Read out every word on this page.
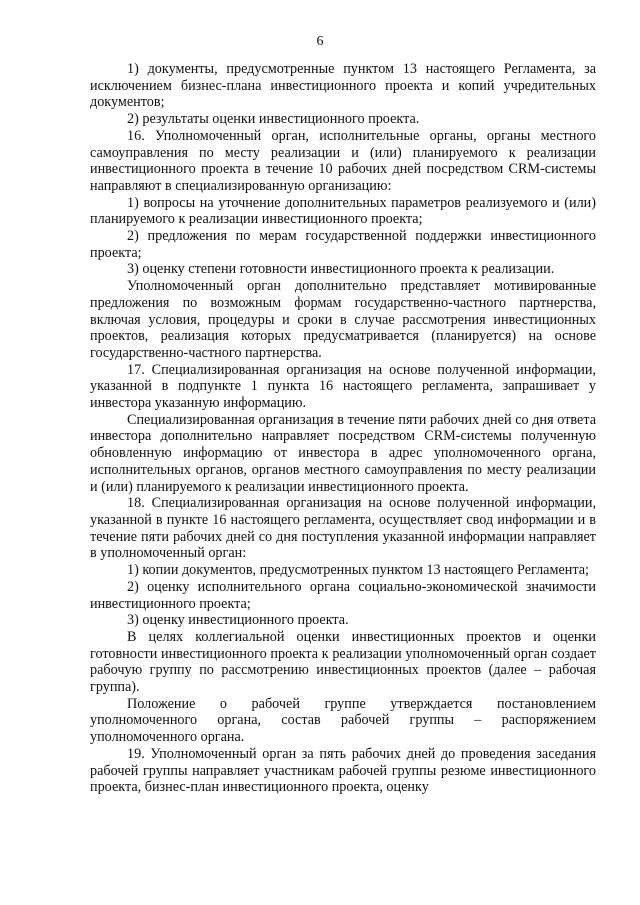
6

1) документы, предусмотренные пунктом 13 настоящего Регламента, за исключением бизнес-плана инвестиционного проекта и копий учредительных документов;

2) результаты оценки инвестиционного проекта.

16. Уполномоченный орган, исполнительные органы, органы местного самоуправления по месту реализации и (или) планируемого к реализации инвестиционного проекта в течение 10 рабочих дней посредством CRM-системы направляют в специализированную организацию:

1) вопросы на уточнение дополнительных параметров реализуемого и (или) планируемого к реализации инвестиционного проекта;

2) предложения по мерам государственной поддержки инвестиционного проекта;

3) оценку степени готовности инвестиционного проекта к реализации.

Уполномоченный орган дополнительно представляет мотивированные предложения по возможным формам государственно-частного партнерства, включая условия, процедуры и сроки в случае рассмотрения инвестиционных проектов, реализация которых предусматривается (планируется) на основе государственно-частного партнерства.

17. Специализированная организация на основе полученной информации, указанной в подпункте 1 пункта 16 настоящего регламента, запрашивает у инвестора указанную информацию.

Специализированная организация в течение пяти рабочих дней со дня ответа инвестора дополнительно направляет посредством CRM-системы полученную обновленную информацию от инвестора в адрес уполномоченного органа, исполнительных органов, органов местного самоуправления по месту реализации и (или) планируемого к реализации инвестиционного проекта.

18. Специализированная организация на основе полученной информации, указанной в пункте 16 настоящего регламента, осуществляет свод информации и в течение пяти рабочих дней со дня поступления указанной информации направляет в уполномоченный орган:

1) копии документов, предусмотренных пунктом 13 настоящего Регламента;

2) оценку исполнительного органа социально-экономической значимости инвестиционного проекта;

3) оценку инвестиционного проекта.

В целях коллегиальной оценки инвестиционных проектов и оценки готовности инвестиционного проекта к реализации уполномоченный орган создает рабочую группу по рассмотрению инвестиционных проектов (далее – рабочая группа).

Положение о рабочей группе утверждается постановлением уполномоченного органа, состав рабочей группы – распоряжением уполномоченного органа.

19. Уполномоченный орган за пять рабочих дней до проведения заседания рабочей группы направляет участникам рабочей группы резюме инвестиционного проекта, бизнес-план инвестиционного проекта, оценку
